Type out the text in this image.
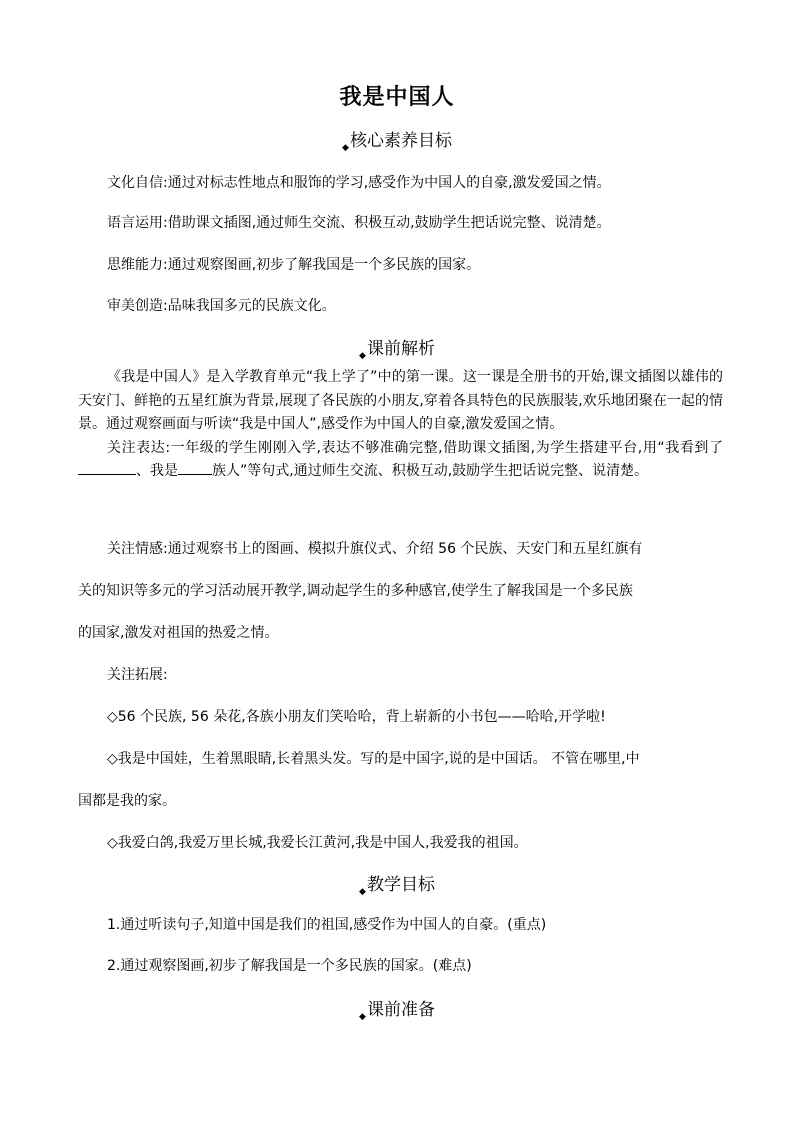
我是中国人
$_◆$核心素养目标
文化自信:通过对标志性地点和服饰的学习,感受作为中国人的自豪,激发爱国之情。
语言运用:借助课文插图,通过师生交流、积极互动,鼓励学生把话说完整、说清楚。
思维能力:通过观察图画,初步了解我国是一个多民族的国家。
审美创造:品味我国多元的民族文化。
$_◆$课前解析

《我是中国人》是入学教育单元“我上学了”中的第一课。这一课是全册书的开始,课文插图以雄伟的天安门、鲜艳的五星红旗为背景,展现了各民族的小朋友,穿着各具特色的民族服装,欢乐地团聚在一起的情景。通过观察画面与听读“我是中国人”,感受作为中国人的自豪,激发爱国之情。

关注表达:一年级的学生刚刚入学,表达不够准确完整,借助课文插图,为学生搭建平台,用“我看到了、我是 族人”等句式,通过师生交流、积极互动,鼓励学生把话说完整、说清楚。

关注情感:通过观察书上的图画、模拟升旗仪式、介绍 56 个民族、天安门和五星红旗有
关的知识等多元的学习活动展开教学,调动起学生的多种感官,使学生了解我国是一个多民族
的国家,激发对祖国的热爱之情。
关注拓展:
◇56 个民族, 56 朵花,各族小朋友们笑哈哈，背上崭新的小书包——哈哈,开学啦!
◇我是中国娃，生着黑眼睛,长着黑头发。写的是中国字,说的是中国话。 不管在哪里,中
国都是我的家。
◇我爱白鸽,我爱万里长城,我爱长江黄河,我是中国人,我爱我的祖国。
$_◆$教学目标
1.通过听读句子,知道中国是我们的祖国,感受作为中国人的自豪。(重点)
2.通过观察图画,初步了解我国是一个多民族的国家。(难点)
$_◆$课前准备
